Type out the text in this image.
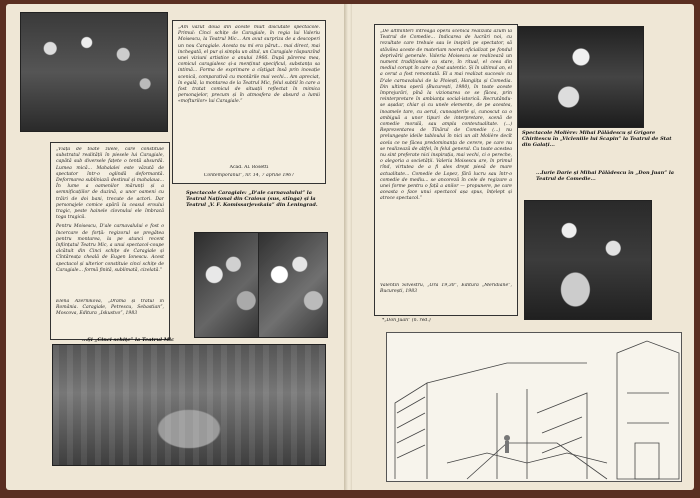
„Am văzut două din aceste mult discutate spectacole. Primul: Cinci schițe de Caragiale, în regia lui Valeriu Moisescu, la Teatrul Mic... Am avut surpriza de a descoperi un nou Caragiale. Acesta nu mi era părut... mai direct, mai inchegată, el pur și simplu un altul, un Caragiale răspunzînd unei viziuni artistice a anului 1966. După părerea mea, comicul caragialesc și-a menținut specificul, substanța sa intimă... Forma de exprimare a cîștigat însă prin inovație scenică, comparativă cu montările mai vechi... Am apreciat, în egală, la montarea de la Teatrul Mic, felul subtil în care a fost tratat comicul de situații reflectat în mimica personajelor, precum și în atmosfera de absurd a lumii «mofturilor» lui Caragiale.”

Acad. Al. Rosetti
Contemporanul”, nr. 14, 7 aprilie 1967

„Viața de toate zilele, care constituie substratul realității în piesele lui Caragiale, capătă sub diversele fațete o tentă absurdă. Lumea mică... Mahalalei este văzută de spectator într-o oglindă deformantă. Deformarea subliniază destinul și mahalaua... În lume a oamenilor mărunți și a semnificațiilor de duzină, a unor oameni cu trăiri de doi bani, trecute de actori. Dar personajele comice apără la ceasul eroului tragic, peste hainele clovnului ele îmbracă toga tragică.

Pentru Moisescu, D'ale carnavalului e fost o încercare de forță: regizorul se pregătea pentru montarea, la pe atunci recent înființatul Teatru Mic, a unui spectacol-coupe alcătuit din Cinci schițe de Caragiale și Cîntăreața cheală de Eugen Ionescu. Acest spectacol și ulterior constituie cinci schițe de Caragiale... formă finită, sublimată, cizelată.”

Elena Azernikova, „Drama și tratul în România. Caragiale, Petrescu, Sebastian”, Moscova, Editura „Iskustvo”, 1983
Spectacole Caragiale: „D'ale carnavalului” la Teatrul Național din Craiova (sus, stînga) și la Teatrul „V. F. Komissarjevskaia” din Leningrad.
...Și „Cinci schițe” la Teatrul Mic

„De altminteri întreaga operă scenică realizată azum la Teatrul de Comedie... Indicarea de lucrări noi, cu rezultate care trebuie sau le inspiră pe spectator, să stăvilea aceste de materiam noerat oficializat pe fondul deprivării generale. Valeria Moisescu se realizează un nument tradiționale ca stare, în ritual, el ceea din mediul corupt în care a fost autentic. Și în ultimul an, el a cerut a fost remontată. El a mai realizat succesiv cu D'ale carnavalului de la Ploiești, Hangiița și Comedia. Din ultima operă (București, 1980), în toate aceste împrejurări, pînă la vizionarea ce se făcea, prin reinterpretare în ambianța social-istorică. Recrutându-se așadar, chiar și cu unele elemente, de pe acestea, inoamele tare, cu aerul, cunoașterile și, cunoscut ca o ambiguă a unor tipuri de interpretare, scenă de comedie morală, sau ampla contextualitate. (...) Reprezentarea de Tînărul de Comedie (...) nu prelungește ideile tabloului în nici un alt Molière decît acela ce ne făcea predominanța de cerere, pe care nu se realizează de altfel, în felul general. Cu toate acestea nu sint preferate nici inspirația, mai vechi, ci o pereche, o alegoria a societății. Valeria Moisescu are, în primul rînd, virtutea de a fi ales drept piesă de mare actualitate... Comedie de Lopez, fără lucru sau într-o comedie de mediu... se ancoreză în cele de regizare a unei forme pentru o față a anilor — propunere, pe care aceasta o face unui spectacol așa spus, înțelept și atroce spectacol.”

Valentin Silvestru, „Ora 19,30”, Editura „Meridiane”, București, 1983
*„Don Juan” (n. red.)
Spectacole Molière: Mihai Pălădescu și Grigore Chiritescu în „Vicleniile lui Scapin” la Teatrul de Stat din Galați...
...Iurie Darie și Mihai Pălădescu în „Don Juan” la Teatrul de Comedie...
